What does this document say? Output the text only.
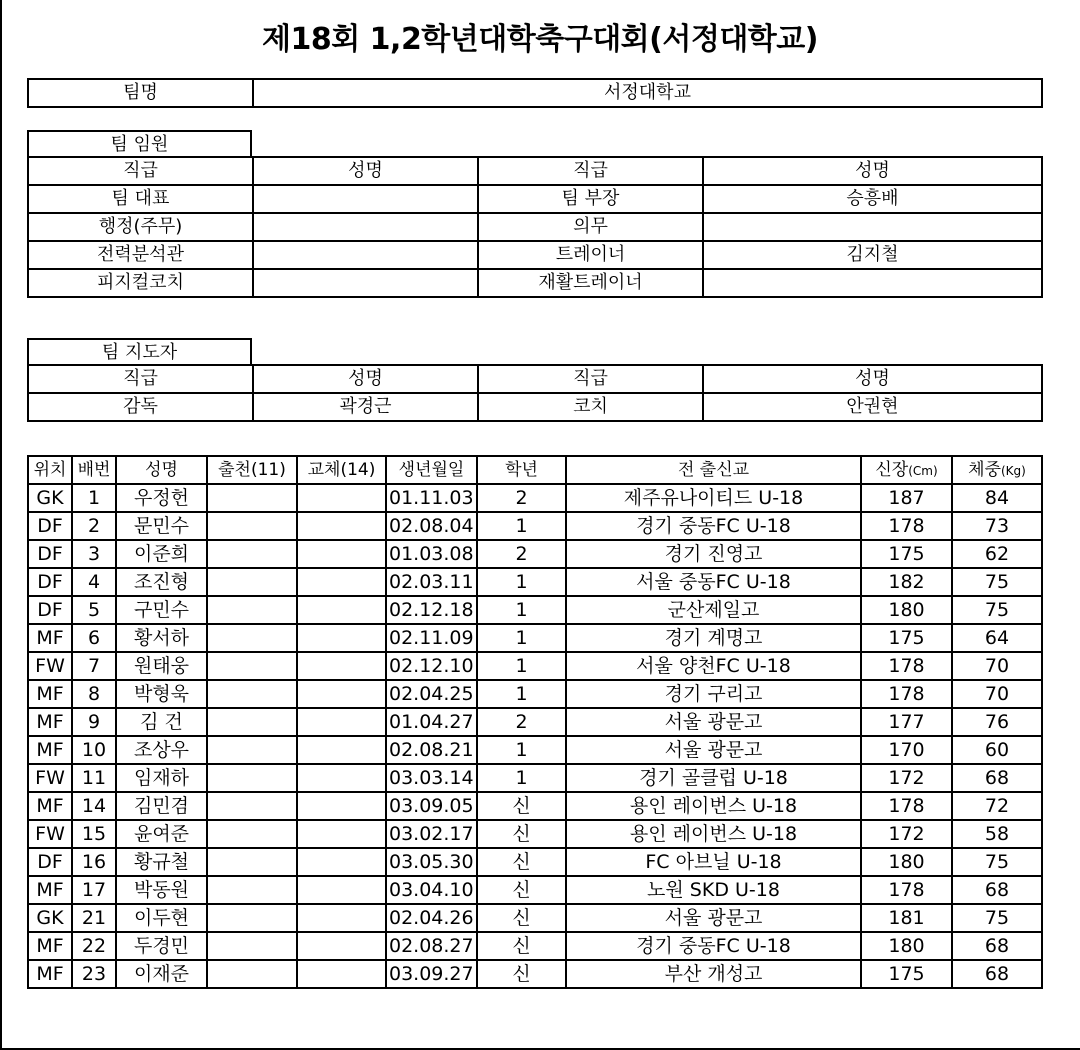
제18회 1,2학년대학축구대회(서정대학교)
팀명	서정대학교
팀 임원
직급	성명	직급	성명
팀 대표		팀 부장	승흥배
행정(주무)		의무	
전력분석관		트레이너	김지철
피지컬코치		재활트레이너	
팀 지도자
직급	성명	직급	성명
감독	곽경근	코치	안권현
위치	배번	성명	출천(11)	교체(14)	생년월일	학년	전 출신교	신장(Cm)	체중(Kg)
GK	1	우정헌			01.11.03	2	제주유나이티드 U-18	187	84
DF	2	문민수			02.08.04	1	경기 중동FC U-18	178	73
DF	3	이준희			01.03.08	2	경기 진영고	175	62
DF	4	조진형			02.03.11	1	서울 중동FC U-18	182	75
DF	5	구민수			02.12.18	1	군산제일고	180	75
MF	6	황서하			02.11.09	1	경기 계명고	175	64
FW	7	원태웅			02.12.10	1	서울 양천FC U-18	178	70
MF	8	박형욱			02.04.25	1	경기 구리고	178	70
MF	9	김 건			01.04.27	2	서울 광문고	177	76
MF	10	조상우			02.08.21	1	서울 광문고	170	60
FW	11	임재하			03.03.14	1	경기 골클럽 U-18	172	68
MF	14	김민겸			03.09.05	신	용인 레이번스 U-18	178	72
FW	15	윤여준			03.02.17	신	용인 레이번스 U-18	172	58
DF	16	황규철			03.05.30	신	FC 아브닐 U-18	180	75
MF	17	박동원			03.04.10	신	노원 SKD U-18	178	68
GK	21	이두현			02.04.26	신	서울 광문고	181	75
MF	22	두경민			02.08.27	신	경기 중동FC U-18	180	68
MF	23	이재준			03.09.27	신	부산 개성고	175	68
